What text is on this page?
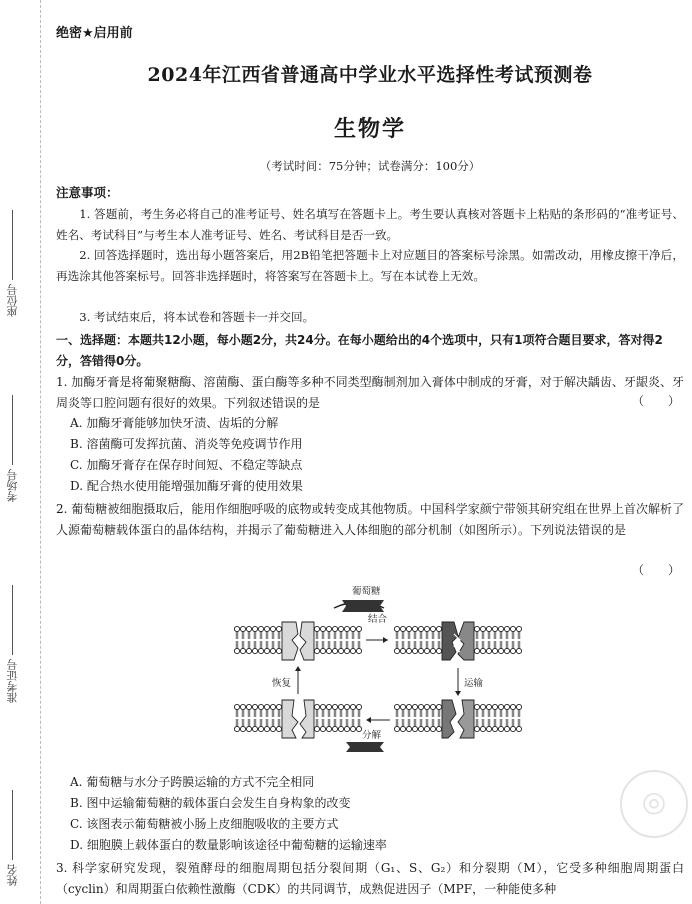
座位号
考场号
准考证号
姓名
绝密★启用前
2024年江西省普通高中学业水平选择性考试预测卷
生物学
（考试时间：75分钟；试卷满分：100分）
注意事项：
1. 答题前，考生务必将自己的准考证号、姓名填写在答题卡上。考生要认真核对答题卡上粘贴的条形码的“准考证号、姓名、考试科目”与考生本人准考证号、姓名、考试科目是否一致。
2. 回答选择题时，选出每小题答案后，用2B铅笔把答题卡上对应题目的答案标号涂黑。如需改动，用橡皮擦干净后，再选涂其他答案标号。回答非选择题时，将答案写在答题卡上。写在本试卷上无效。
3. 考试结束后，将本试卷和答题卡一并交回。
一、选择题：本题共12小题，每小题2分，共24分。在每小题给出的4个选项中，只有1项符合题目要求，答对得2分，答错得0分。
1. 加酶牙膏是将葡聚糖酶、溶菌酶、蛋白酶等多种不同类型酶制剂加入膏体中制成的牙膏，对于解决龋齿、牙龈炎、牙周炎等口腔问题有很好的效果。下列叙述错误的是	（　　）
A. 加酶牙膏能够加快牙渍、齿垢的分解
B. 溶菌酶可发挥抗菌、消炎等免疫调节作用
C. 加酶牙膏存在保存时间短、不稳定等缺点
D. 配合热水使用能增强加酶牙膏的使用效果
2. 葡萄糖被细胞摄取后，能用作细胞呼吸的底物或转变成其他物质。中国科学家颜宁带领其研究组在世界上首次解析了人源葡萄糖载体蛋白的晶体结构，并揭示了葡萄糖进入人体细胞的部分机制（如图所示）。下列说法错误的是
（　　）
葡萄糖
结合
运输
恢复
分解
A. 葡萄糖与水分子跨膜运输的方式不完全相同
B. 图中运输葡萄糖的载体蛋白会发生自身构象的改变
C. 该图表示葡萄糖被小肠上皮细胞吸收的主要方式
D. 细胞膜上载体蛋白的数量影响该途径中葡萄糖的运输速率
3. 科学家研究发现，裂殖酵母的细胞周期包括分裂间期（G₁、S、G₂）和分裂期（M），它受多种细胞周期蛋白（cyclin）和周期蛋白依赖性激酶（CDK）的共同调节，成熟促进因子（MPF，一种能使多种
◎
